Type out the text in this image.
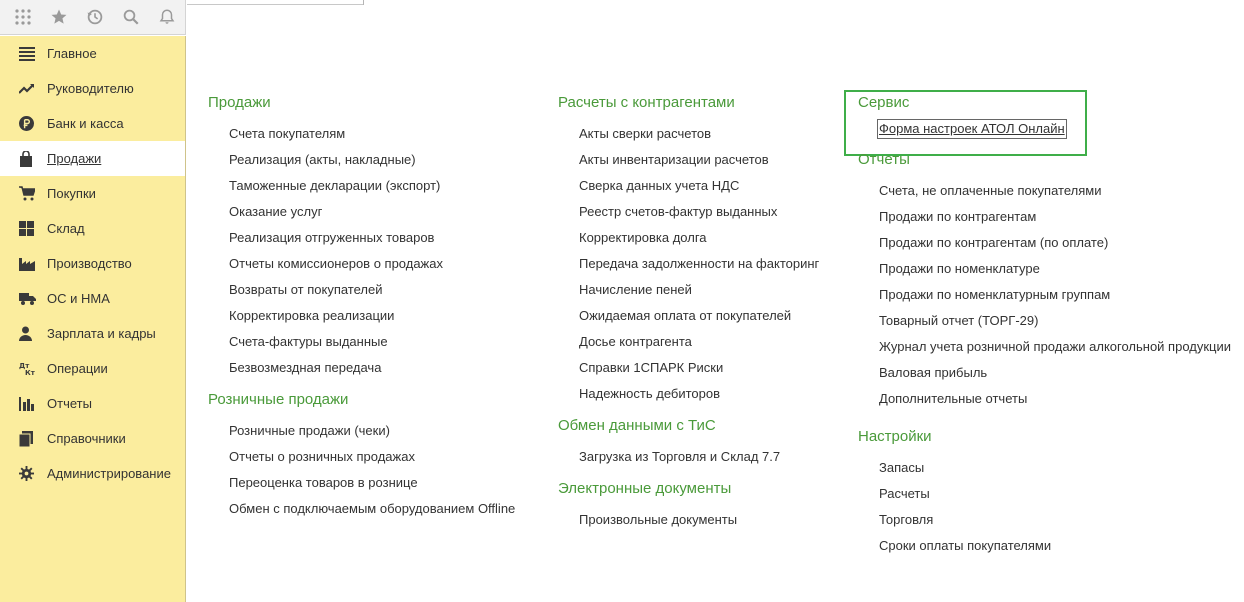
Главное
Руководителю
Банк и касса
Продажи
Покупки
Склад
Производство
ОС и НМА
Зарплата и кадры
Дт
Кт Операции
Отчеты
Справочники
Администрирование
Продажи
Счета покупателям
Реализация (акты, накладные)
Таможенные декларации (экспорт)
Оказание услуг
Реализация отгруженных товаров
Отчеты комиссионеров о продажах
Возвраты от покупателей
Корректировка реализации
Счета-фактуры выданные
Безвозмездная передача
Розничные продажи
Розничные продажи (чеки)
Отчеты о розничных продажах
Переоценка товаров в рознице
Обмен с подключаемым оборудованием Offline
Расчеты с контрагентами
Акты сверки расчетов
Акты инвентаризации расчетов
Сверка данных учета НДС
Реестр счетов-фактур выданных
Корректировка долга
Передача задолженности на факторинг
Начисление пеней
Ожидаемая оплата от покупателей
Досье контрагента
Справки 1СПАРК Риски
Надежность дебиторов
Обмен данными с ТиС
Загрузка из Торговля и Склад 7.7
Электронные документы
Произвольные документы
Сервис
Форма настроек АТОЛ Онлайн
Отчеты
Счета, не оплаченные покупателями
Продажи по контрагентам
Продажи по контрагентам (по оплате)
Продажи по номенклатуре
Продажи по номенклатурным группам
Товарный отчет (ТОРГ-29)
Журнал учета розничной продажи алкогольной продукции
Валовая прибыль
Дополнительные отчеты
Настройки
Запасы
Расчеты
Торговля
Сроки оплаты покупателями
